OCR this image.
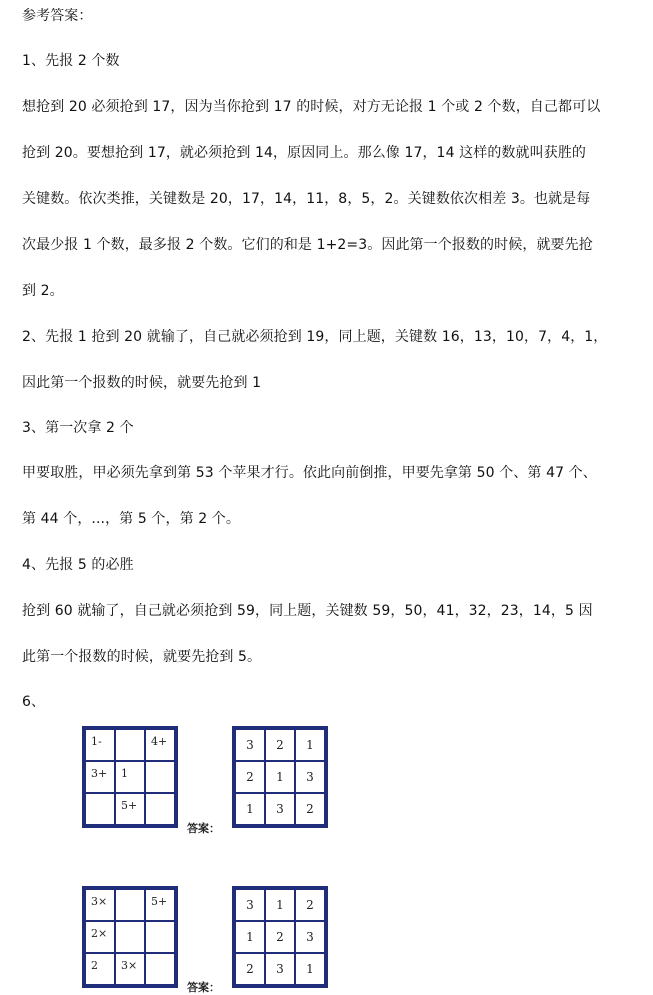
参考答案：
1、先报 2 个数
想抢到 20 必须抢到 17，因为当你抢到 17 的时候，对方无论报 1 个或 2 个数，自己都可以
抢到 20。要想抢到 17，就必须抢到 14，原因同上。那么像 17，14 这样的数就叫获胜的
关键数。依次类推，关键数是 20，17，14，11，8，5，2。关键数依次相差 3。也就是每
次最少报 1 个数，最多报 2 个数。它们的和是 1+2=3。因此第一个报数的时候，就要先抢
到 2。
2、先报 1 抢到 20 就输了，自己就必须抢到 19，同上题，关键数 16，13，10，7，4，1，
因此第一个报数的时候，就要先抢到 1
3、第一次拿 2 个
甲要取胜，甲必须先拿到第 53 个苹果才行。依此向前倒推，甲要先拿第 50 个、第 47 个、
第 44 个，...，第 5 个，第 2 个。
4、先报 5 的必胜
抢到 60 就输了，自己就必须抢到 59，同上题，关键数 59，50，41，32，23，14，5 因
此第一个报数的时候，就要先抢到 5。
6、
1-		4+

3+	1	

	5+	

答案：
3	2	1
2	1	3
1	3	2
3×		5+

2×		

2	3×	

答案：
3	1	2
1	2	3
2	3	1
